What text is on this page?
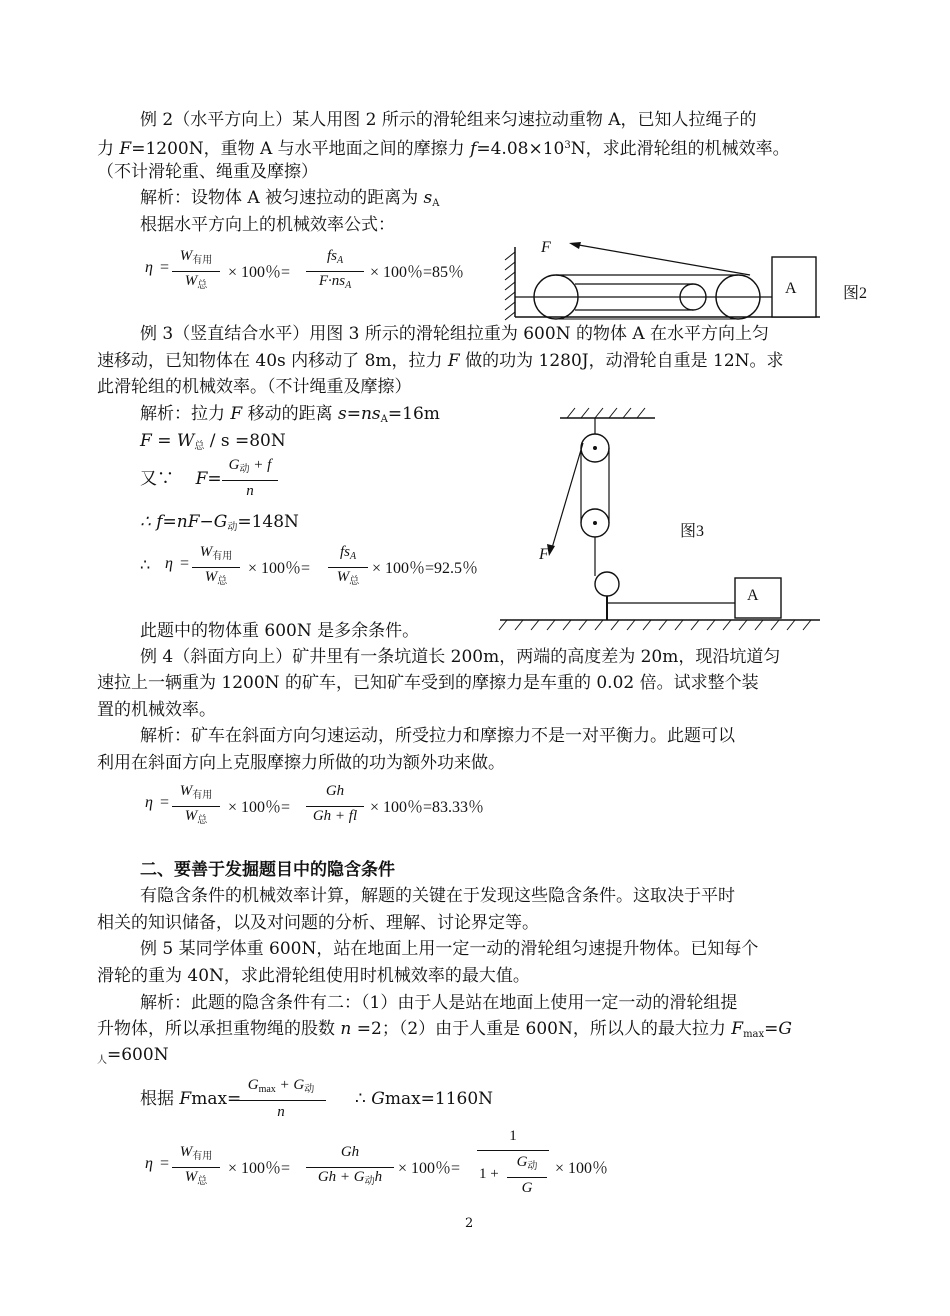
例 2（水平方向上）某人用图 2 所示的滑轮组来匀速拉动重物 A，已知人拉绳子的
力 F=1200N，重物 A 与水平地面之间的摩擦力 $f=4.08\times 10^3N$，求此滑轮组的机械效率。
（不计滑轮重、绳重及摩擦）
解析：设物体 A 被匀速拉动的距离为 $s_A$
根据水平方向上的机械效率公式：
η =
$W_{有用}$
$W_总$
× 100％=
$fs_A$
$F\cdot ns_A$
× 100％=85％
F
A	图2
例 3（竖直结合水平）用图 3 所示的滑轮组拉重为 600N 的物体 A 在水平方向上匀
速移动，已知物体在 40s 内移动了 8m，拉力 F 做的功为 1280J，动滑轮自重是 12N。求
此滑轮组的机械效率。（不计绳重及摩擦）
解析：拉力 F 移动的距离 $s=ns_A=16m$
$F = W_总 / s =80N$
又∵ F=
$G_动 + f$
n
∴ $f=nF-G_动=148N$
∴ η =
$W_{有用}$
$W_总$
× 100％=
$fs_A$
$W_总$
× 100％=92.5％
此题中的物体重 600N 是多余条件。
F
A
图3
例 4（斜面方向上）矿井里有一条坑道长 200m，两端的高度差为 20m，现沿坑道匀
速拉上一辆重为 1200N 的矿车，已知矿车受到的摩擦力是车重的 0.02 倍。试求整个装
置的机械效率。
解析：矿车在斜面方向匀速运动，所受拉力和摩擦力不是一对平衡力。此题可以
利用在斜面方向上克服摩擦力所做的功为额外功来做。
η =
$W_{有用}$
$W_总$
× 100％=
Gh
Gh + fl × 100％=83.33％
二、要善于发掘题目中的隐含条件
有隐含条件的机械效率计算，解题的关键在于发现这些隐含条件。这取决于平时
相关的知识储备，以及对问题的分析、理解、讨论界定等。
例 5 某同学体重 600N，站在地面上用一定一动的滑轮组匀速提升物体。已知每个
滑轮的重为 40N，求此滑轮组使用时机械效率的最大值。
解析：此题的隐含条件有二：（1）由于人是站在地面上使用一定一动的滑轮组提
升物体，所以承担重物绳的股数 n =2；（2）由于人重是 600N，所以人的最大拉力 $F_{max}=G$
$_人$=600N
根据 Fmax=
$G_{max} + G_动$
n
∴ Gmax=1160N
η =
$W_{有用}$
$W_总$
× 100％=
Gh
$Gh + G_动h \times 100$％=
1
1 +
$G_动$
G
× 100％
2
